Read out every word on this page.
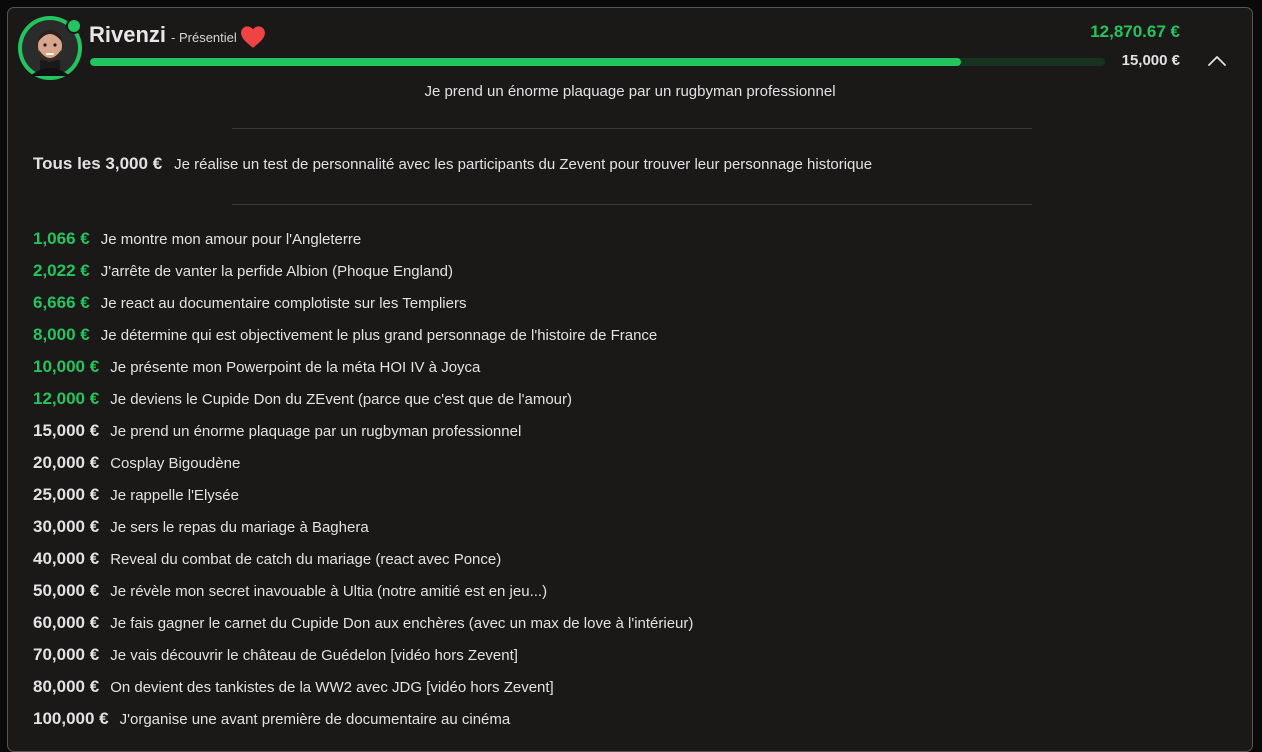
Rivenzi - Présentiel	12,870.67 €
15,000 €
Je prend un énorme plaquage par un rugbyman professionnel
Tous les 3,000 € Je réalise un test de personnalité avec les participants du Zevent pour trouver leur personnage historique
1,066 € Je montre mon amour pour l'Angleterre
2,022 € J'arrête de vanter la perfide Albion (Phoque England)
6,666 € Je react au documentaire complotiste sur les Templiers
8,000 € Je détermine qui est objectivement le plus grand personnage de l'histoire de France
10,000 € Je présente mon Powerpoint de la méta HOI IV à Joyca
12,000 € Je deviens le Cupide Don du ZEvent (parce que c'est que de l'amour)
15,000 € Je prend un énorme plaquage par un rugbyman professionnel
20,000 € Cosplay Bigoudène
25,000 € Je rappelle l'Elysée
30,000 € Je sers le repas du mariage à Baghera
40,000 € Reveal du combat de catch du mariage (react avec Ponce)
50,000 € Je révèle mon secret inavouable à Ultia (notre amitié est en jeu...)
60,000 € Je fais gagner le carnet du Cupide Don aux enchères (avec un max de love à l'intérieur)
70,000 € Je vais découvrir le château de Guédelon [vidéo hors Zevent]
80,000 € On devient des tankistes de la WW2 avec JDG [vidéo hors Zevent]
100,000 € J'organise une avant première de documentaire au cinéma
